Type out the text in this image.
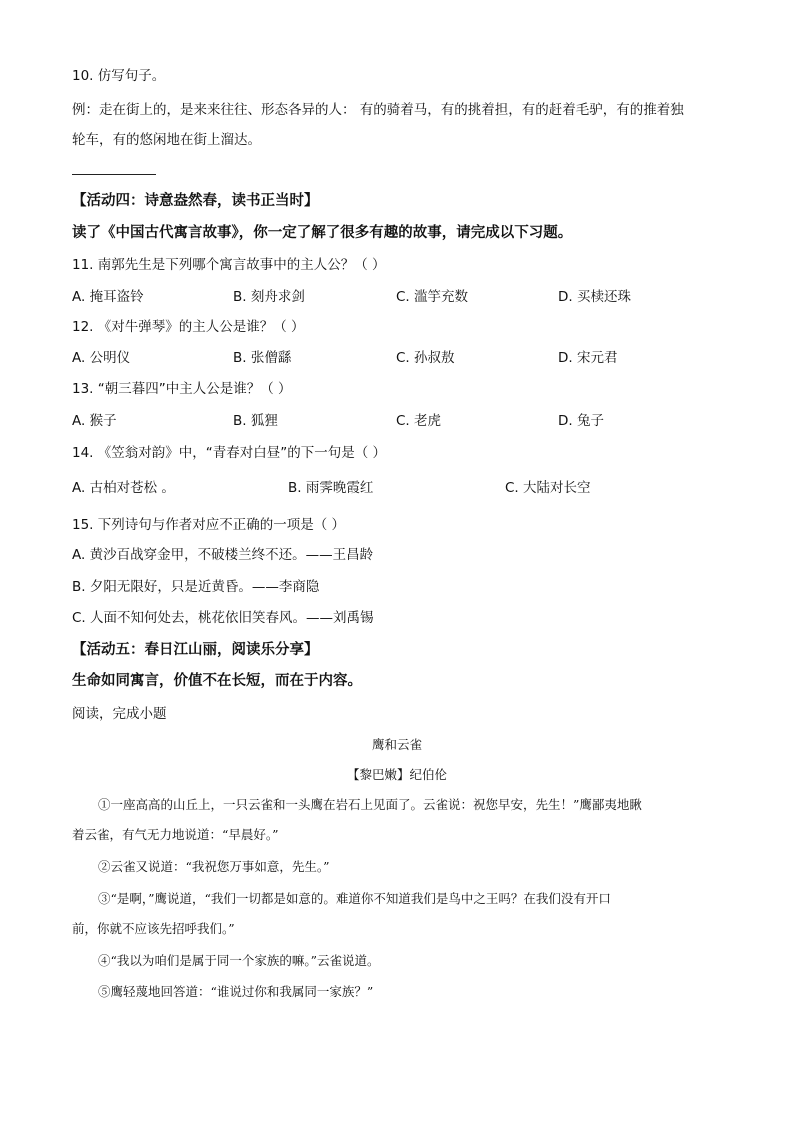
10. 仿写句子。
例：走在街上的，是来来往往、形态各异的人： 有的骑着马，有的挑着担，有的赶着毛驴，有的推着独
轮车，有的悠闲地在街上溜达。
【活动四：诗意盎然春，读书正当时】
读了《中国古代寓言故事》，你一定了解了很多有趣的故事，请完成以下习题。
11. 南郭先生是下列哪个寓言故事中的主人公？（ ）
A. 掩耳盗铃	B. 刻舟求剑	C. 滥竽充数	D. 买椟还珠
12. 《对牛弹琴》的主人公是谁？（ ）
A. 公明仪	B. 张僧繇	C. 孙叔敖	D. 宋元君
13. “朝三暮四”中主人公是谁？（ ）
A. 猴子	B. 狐狸	C. 老虎	D. 兔子
14. 《笠翁对韵》中，“青春对白昼”的下一句是（ ）
A. 古柏对苍松 。	B. 雨霁晚霞红	C. 大陆对长空
15. 下列诗句与作者对应不正确的一项是（ ）
A. 黄沙百战穿金甲，不破楼兰终不还。——王昌龄
B. 夕阳无限好，只是近黄昏。——李商隐
C. 人面不知何处去，桃花依旧笑春风。——刘禹锡
【活动五：春日江山丽，阅读乐分享】
生命如同寓言，价值不在长短，而在于内容。
阅读，完成小题
鹰和云雀
【黎巴嫩】纪伯伦
①一座高高的山丘上，一只云雀和一头鹰在岩石上见面了。云雀说：祝您早安，先生！”鹰鄙夷地瞅
着云雀，有气无力地说道：“早晨好。”
②云雀又说道：“我祝您万事如意，先生。”
③“是啊，”鹰说道，“我们一切都是如意的。难道你不知道我们是鸟中之王吗？在我们没有开口
前，你就不应该先招呼我们。”
④“我以为咱们是属于同一个家族的嘛。”云雀说道。
⑤鹰轻蔑地回答道：“谁说过你和我属同一家族？”
